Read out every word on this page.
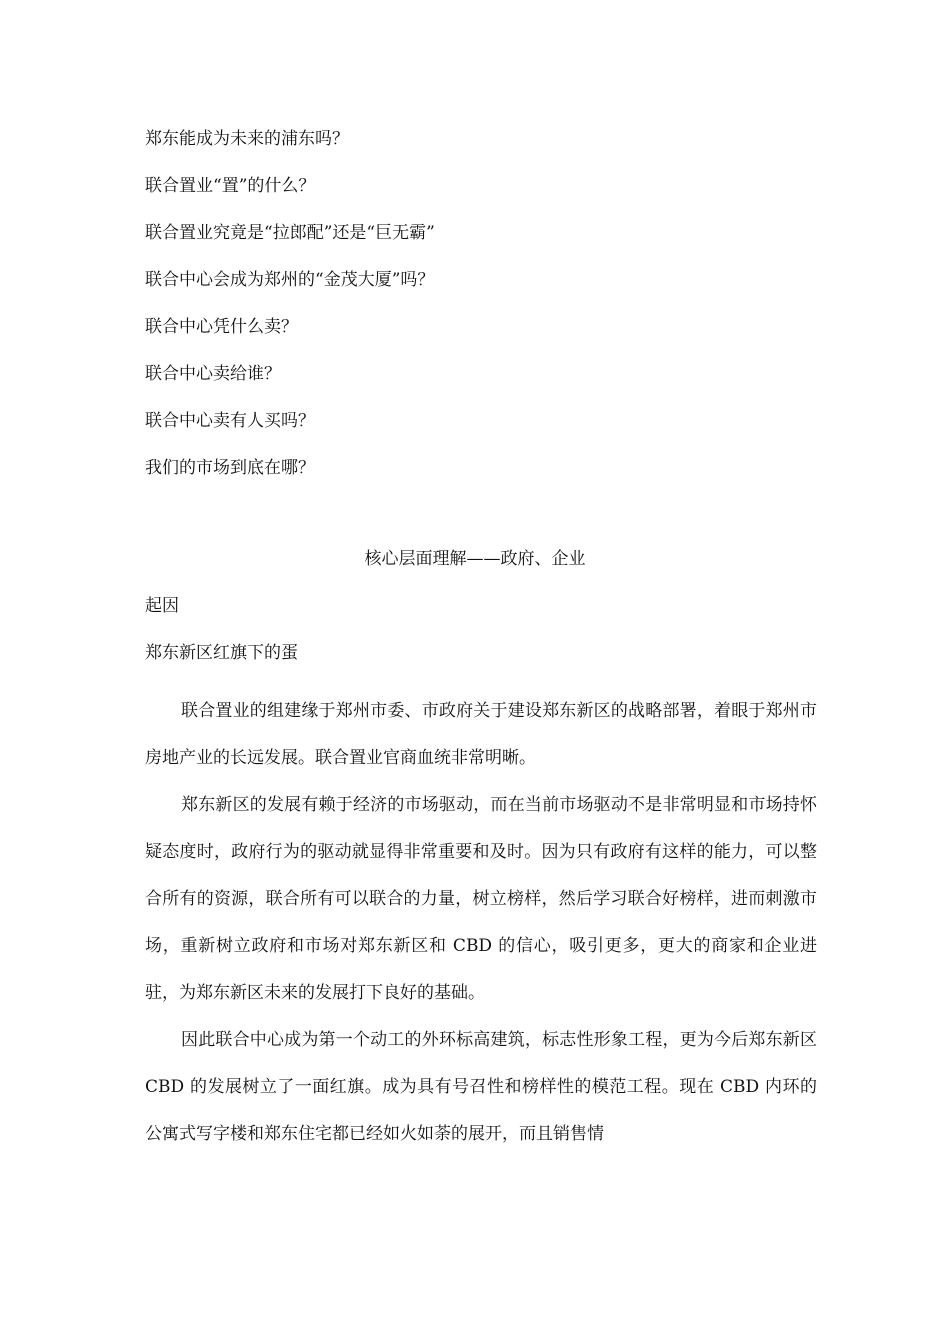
郑东能成为未来的浦东吗？
联合置业“置”的什么？
联合置业究竟是“拉郎配”还是“巨无霸”
联合中心会成为郑州的“金茂大厦”吗？
联合中心凭什么卖？
联合中心卖给谁？
联合中心卖有人买吗？
我们的市场到底在哪？
核心层面理解——政府、企业
起因
郑东新区红旗下的蛋

联合置业的组建缘于郑州市委、市政府关于建设郑东新区的战略部署，着眼于郑州市房地产业的长远发展。联合置业官商血统非常明晰。

郑东新区的发展有赖于经济的市场驱动，而在当前市场驱动不是非常明显和市场持怀疑态度时，政府行为的驱动就显得非常重要和及时。因为只有政府有这样的能力，可以整合所有的资源，联合所有可以联合的力量，树立榜样，然后学习联合好榜样，进而刺激市场，重新树立政府和市场对郑东新区和 CBD 的信心，吸引更多，更大的商家和企业进驻，为郑东新区未来的发展打下良好的基础。

因此联合中心成为第一个动工的外环标高建筑，标志性形象工程，更为今后郑东新区 CBD 的发展树立了一面红旗。成为具有号召性和榜样性的模范工程。现在 CBD 内环的公寓式写字楼和郑东住宅都已经如火如荼的展开，而且销售情
